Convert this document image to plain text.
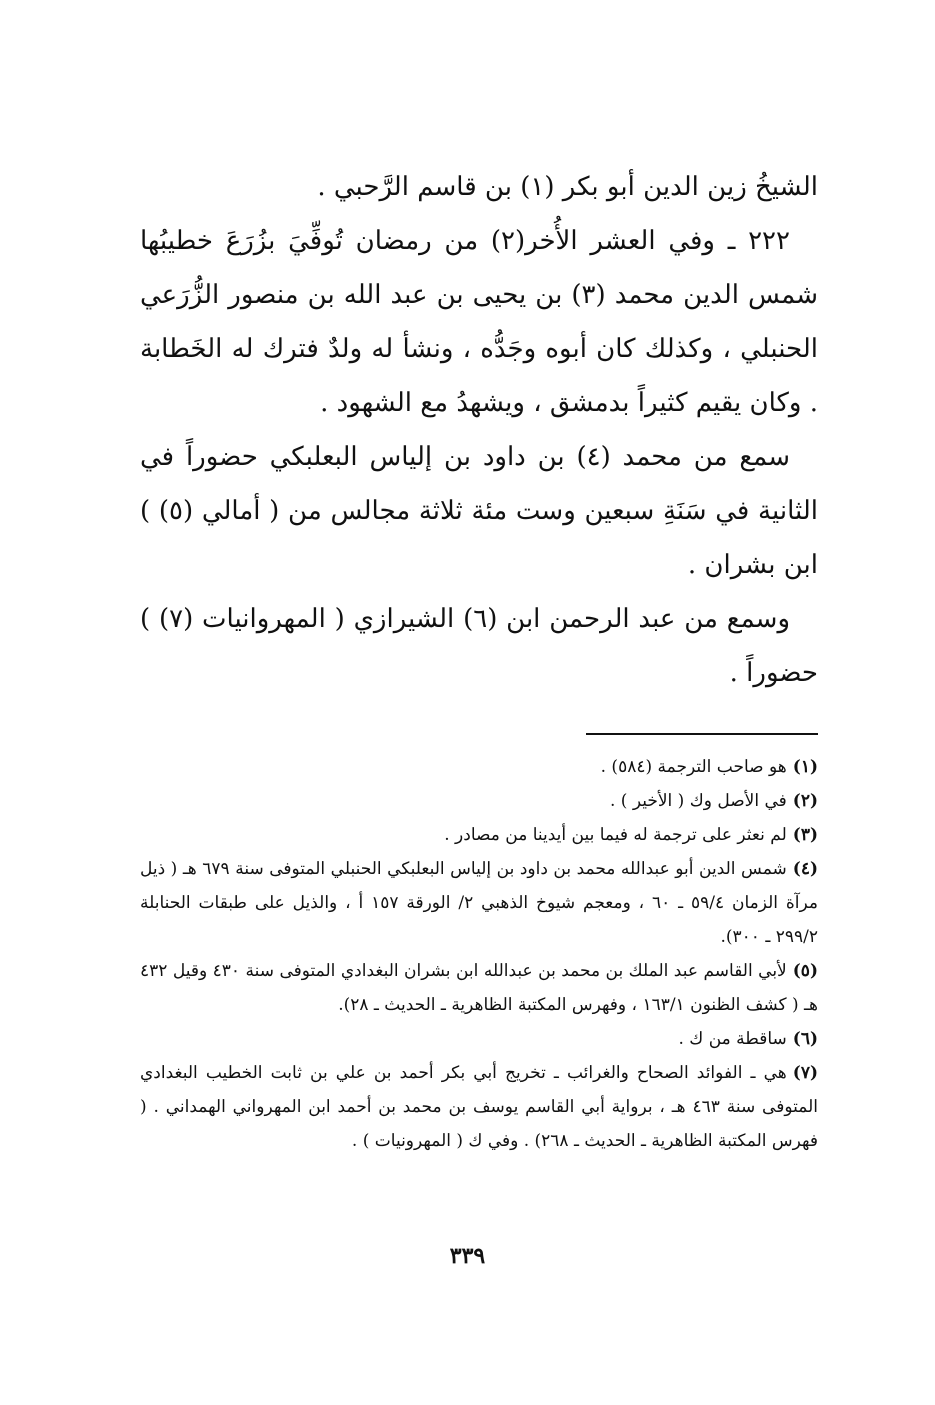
الشيخُ زين الدين أبو بكر (١) بن قاسم الرَّحبي .

٢٢٢ ـ وفي العشر الأُخر(٢) من رمضان تُوفِّيَ بزُرَعَ خطيبُها شمس الدين محمد (٣) بن يحيى بن عبد الله بن منصور الزُّرَعي الحنبلي ، وكذلك كان أبوه وجَدُّه ، ونشأ له ولدٌ فترك له الخَطابة . وكان يقيم كثيراً بدمشق ، ويشهدُ مع الشهود .

سمع من محمد (٤) بن داود بن إلياس البعلبكي حضوراً في الثانية في سَنَةِ سبعين وست مئة ثلاثة مجالس من ( أمالي (٥) ) ابن بشران .

وسمع من عبد الرحمن ابن (٦) الشيرازي ( المهروانيات (٧) ) حضوراً .

(١)هو صاحب الترجمة (٥٨٤) .

(٢)في الأصل وك ( الأخير ) .

(٣)لم نعثر على ترجمة له فيما بين أيدينا من مصادر .

(٤)شمس الدين أبو عبدالله محمد بن داود بن إلياس البعلبكي الحنبلي المتوفى سنة ٦٧٩ هـ ( ذيل مرآة الزمان ٥٩/٤ ـ ٦٠ ، ومعجم شيوخ الذهبي ٢/ الورقة ١٥٧ أ ، والذيل على طبقات الحنابلة ٢٩٩/٢ ـ ٣٠٠).

(٥)لأبي القاسم عبد الملك بن محمد بن عبدالله ابن بشران البغدادي المتوفى سنة ٤٣٠ وقيل ٤٣٢ هـ ( كشف الظنون ١٦٣/١ ، وفهرس المكتبة الظاهرية ـ الحديث ـ ٢٨).

(٦)ساقطة من ك .

(٧)هي ـ الفوائد الصحاح والغرائب ـ تخريج أبي بكر أحمد بن علي بن ثابت الخطيب البغدادي المتوفى سنة ٤٦٣ هـ ، برواية أبي القاسم يوسف بن محمد بن أحمد ابن المهرواني الهمداني . ( فهرس المكتبة الظاهرية ـ الحديث ـ ٢٦٨) . وفي ك ( المهرونيات ) .

٣٣٩
